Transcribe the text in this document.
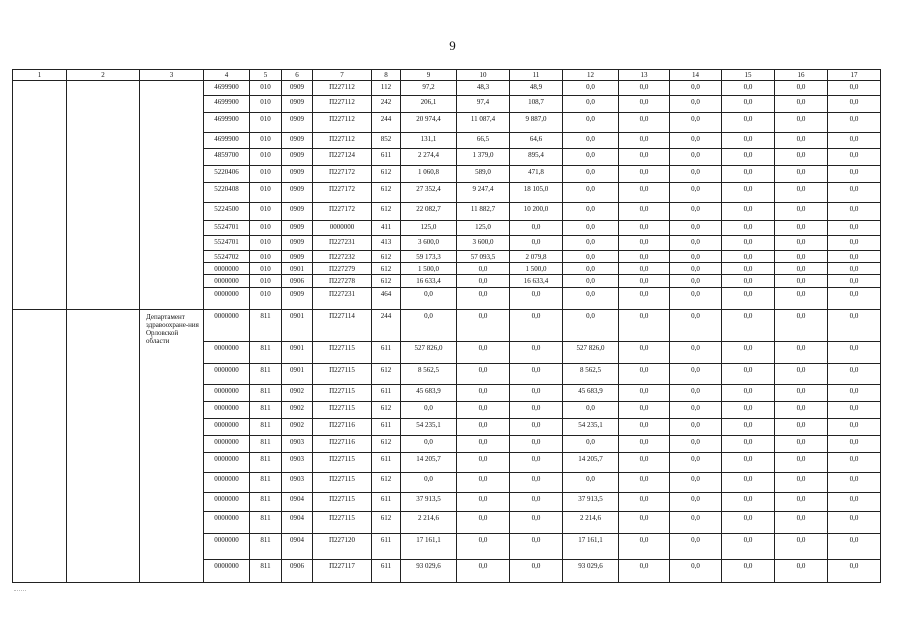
9
1	2	3	4	5	6	7	8	9	10	11	12	13	14	15	16	17
			4699900	010	0909	П227112	112	97,2	48,3	48,9	0,0	0,0	0,0	0,0	0,0	0,0
			4699900	010	0909	П227112	242	206,1	97,4	108,7	0,0	0,0	0,0	0,0	0,0	0,0
			4699900	010	0909	П227112	244	20 974,4	11 087,4	9 887,0	0,0	0,0	0,0	0,0	0,0	0,0
			4699900	010	0909	П227112	852	131,1	66,5	64,6	0,0	0,0	0,0	0,0	0,0	0,0
			4859700	010	0909	П227124	611	2 274,4	1 379,0	895,4	0,0	0,0	0,0	0,0	0,0	0,0
			5220406	010	0909	П227172	612	1 060,8	589,0	471,8	0,0	0,0	0,0	0,0	0,0	0,0
			5220408	010	0909	П227172	612	27 352,4	9 247,4	18 105,0	0,0	0,0	0,0	0,0	0,0	0,0
			5224500	010	0909	П227172	612	22 082,7	11 882,7	10 200,0	0,0	0,0	0,0	0,0	0,0	0,0
			5524701	010	0909	0000000	411	125,0	125,0	0,0	0,0	0,0	0,0	0,0	0,0	0,0
			5524701	010	0909	П227231	413	3 600,0	3 600,0	0,0	0,0	0,0	0,0	0,0	0,0	0,0
			5524702	010	0909	П227232	612	59 173,3	57 093,5	2 079,8	0,0	0,0	0,0	0,0	0,0	0,0
			0000000	010	0901	П227279	612	1 500,0	0,0	1 500,0	0,0	0,0	0,0	0,0	0,0	0,0
			0000000	010	0906	П227278	612	16 633,4	0,0	16 633,4	0,0	0,0	0,0	0,0	0,0	0,0
			0000000	010	0909	П227231	464	0,0	0,0	0,0	0,0	0,0	0,0	0,0	0,0	0,0
		Департамент здравоохране-ния Орловской области	0000000	811	0901	П227114	244	0,0	0,0	0,0	0,0	0,0	0,0	0,0	0,0	0,0
			0000000	811	0901	П227115	611	527 826,0	0,0	0,0	527 826,0	0,0	0,0	0,0	0,0	0,0
			0000000	811	0901	П227115	612	8 562,5	0,0	0,0	8 562,5	0,0	0,0	0,0	0,0	0,0
			0000000	811	0902	П227115	611	45 683,9	0,0	0,0	45 683,9	0,0	0,0	0,0	0,0	0,0
			0000000	811	0902	П227115	612	0,0	0,0	0,0	0,0	0,0	0,0	0,0	0,0	0,0
			0000000	811	0902	П227116	611	54 235,1	0,0	0,0	54 235,1	0,0	0,0	0,0	0,0	0,0
			0000000	811	0903	П227116	612	0,0	0,0	0,0	0,0	0,0	0,0	0,0	0,0	0,0
			0000000	811	0903	П227115	611	14 205,7	0,0	0,0	14 205,7	0,0	0,0	0,0	0,0	0,0
			0000000	811	0903	П227115	612	0,0	0,0	0,0	0,0	0,0	0,0	0,0	0,0	0,0
			0000000	811	0904	П227115	611	37 913,5	0,0	0,0	37 913,5	0,0	0,0	0,0	0,0	0,0
			0000000	811	0904	П227115	612	2 214,6	0,0	0,0	2 214,6	0,0	0,0	0,0	0,0	0,0
			0000000	811	0904	П227120	611	17 161,1	0,0	0,0	17 161,1	0,0	0,0	0,0	0,0	0,0
			0000000	811	0906	П227117	611	93 029,6	0,0	0,0	93 029,6	0,0	0,0	0,0	0,0	0,0
